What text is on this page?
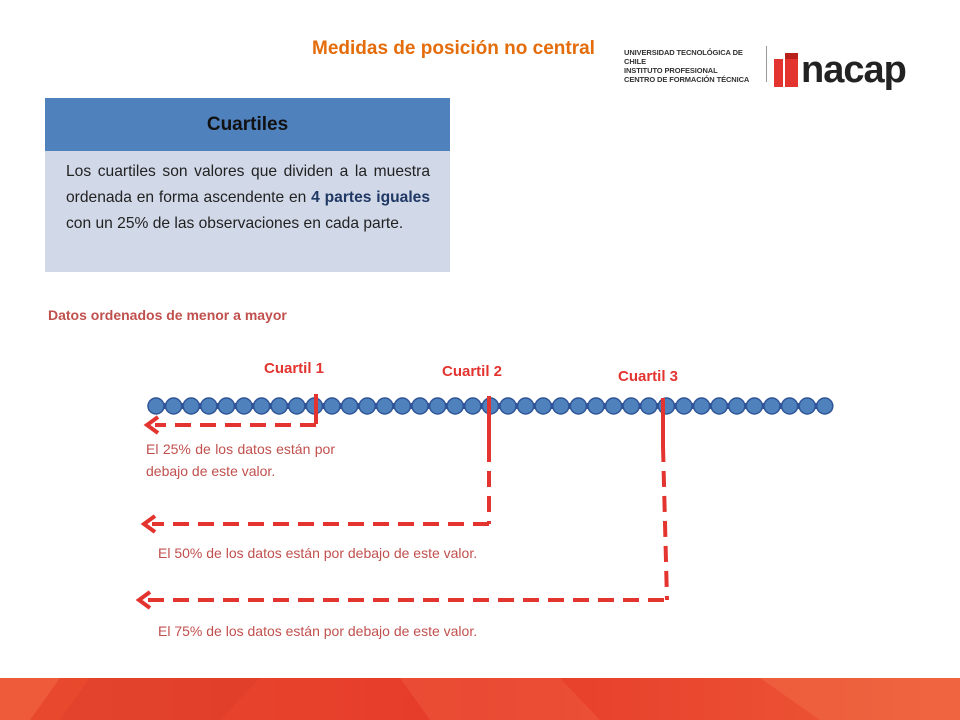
Medidas de posición no central	UNIVERSIDAD TECNOLÓGICA DE CHILE
INSTITUTO PROFESIONAL
CENTRO DE FORMACIÓN TÉCNICA	nacap
Cuartiles
Los cuartiles son valores que dividen a la muestra ordenada en forma ascendente en 4 partes iguales con un 25% de las observaciones en cada parte.
Datos ordenados de menor a mayor
Cuartil 1	Cuartil 2	Cuartil 3
El 25% de los datos están por debajo de este valor.
El 50% de los datos están por debajo de este valor.
El 75% de los datos están por debajo de este valor.
